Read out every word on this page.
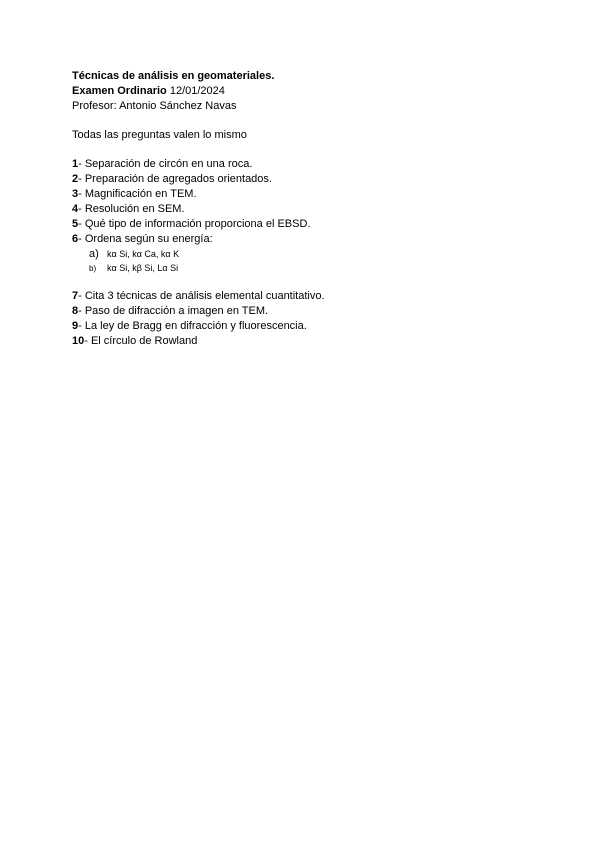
Técnicas de análisis en geomateriales.
Examen Ordinario 12/01/2024
Profesor: Antonio Sánchez Navas
Todas las preguntas valen lo mismo
1- Separación de circón en una roca.
2- Preparación de agregados orientados.
3- Magnificación en TEM.
4- Resolución en SEM.
5- Qué tipo de información proporciona el EBSD.
6- Ordena según su energía:
a) kα Si, kα Ca, kα K
b)	kα Si, kβ Si, Lα Si
7- Cita 3 técnicas de análisis elemental cuantitativo.
8- Paso de difracción a imagen en TEM.
9- La ley de Bragg en difracción y fluorescencia.
10- El círculo de Rowland
